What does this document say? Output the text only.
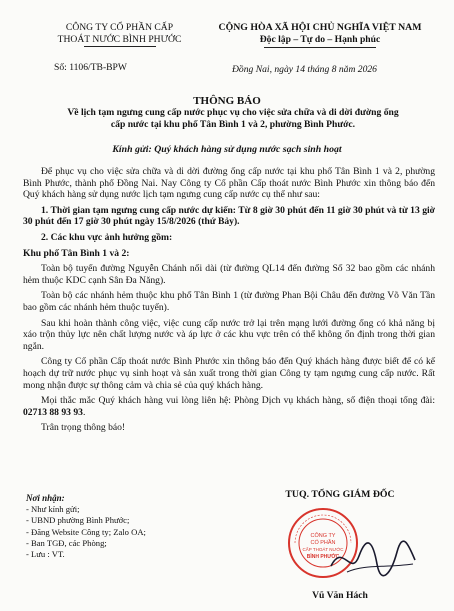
CÔNG TY CỔ PHẦN CẤP
THOÁT NƯỚC BÌNH PHƯỚC
CỘNG HÒA XÃ HỘI CHỦ NGHĨA VIỆT NAM
Độc lập – Tự do – Hạnh phúc
Số: 1106/TB-BPW	Đồng Nai, ngày 14 tháng 8 năm 2026
THÔNG BÁO
Về lịch tạm ngưng cung cấp nước phục vụ cho việc sửa chữa và di dời đường ống
cấp nước tại khu phố Tân Bình 1 và 2, phường Bình Phước.
Kính gửi: Quý khách hàng sử dụng nước sạch sinh hoạt

Để phục vụ cho việc sửa chữa và di dời đường ống cấp nước tại khu phố Tân Bình 1 và 2, phường Bình Phước, thành phố Đồng Nai. Nay Công ty Cổ phần Cấp thoát nước Bình Phước xin thông báo đến Quý khách hàng sử dụng nước lịch tạm ngưng cung cấp nước cụ thể như sau:

1. Thời gian tạm ngưng cung cấp nước dự kiến: Từ 8 giờ 30 phút đến 11 giờ 30 phút và từ 13 giờ 30 phút đến 17 giờ 30 phút ngày 15/8/2026 (thứ Bảy).

2. Các khu vực ảnh hưởng gồm:

Khu phố Tân Bình 1 và 2:

Toàn bộ tuyến đường Nguyễn Chánh nối dài (từ đường QL14 đến đường Số 32 bao gồm các nhánh hẻm thuộc KDC cạnh Sân Đa Năng).

Toàn bộ các nhánh hẻm thuộc khu phố Tân Bình 1 (từ đường Phan Bội Châu đến đường Võ Văn Tần bao gồm các nhánh hẻm thuộc tuyến).

Sau khi hoàn thành công việc, việc cung cấp nước trở lại trên mạng lưới đường ống có khả năng bị xáo trộn thủy lực nên chất lượng nước và áp lực ở các khu vực trên có thể không ổn định trong thời gian ngắn.

Công ty Cổ phần Cấp thoát nước Bình Phước xin thông báo đến Quý khách hàng được biết để có kế hoạch dự trữ nước phục vụ sinh hoạt và sản xuất trong thời gian Công ty tạm ngưng cung cấp nước. Rất mong nhận được sự thông cảm và chia sẻ của quý khách hàng.

Mọi thắc mắc Quý khách hàng vui lòng liên hệ: Phòng Dịch vụ khách hàng, số điện thoại tổng đài: 02713 88 93 93.

Trân trọng thông báo!

Nơi nhận:
- Như kính gửi;
- UBND phường Bình Phước;
- Đăng Website Công ty; Zalo OA;
- Ban TGĐ, các Phòng;
- Lưu : VT.
TUQ. TỔNG GIÁM ĐỐC
CÔNG TY
CỔ PHẦN
CẤP THOÁT NƯỚC
BÌNH PHƯỚC
Vũ Văn Hách
